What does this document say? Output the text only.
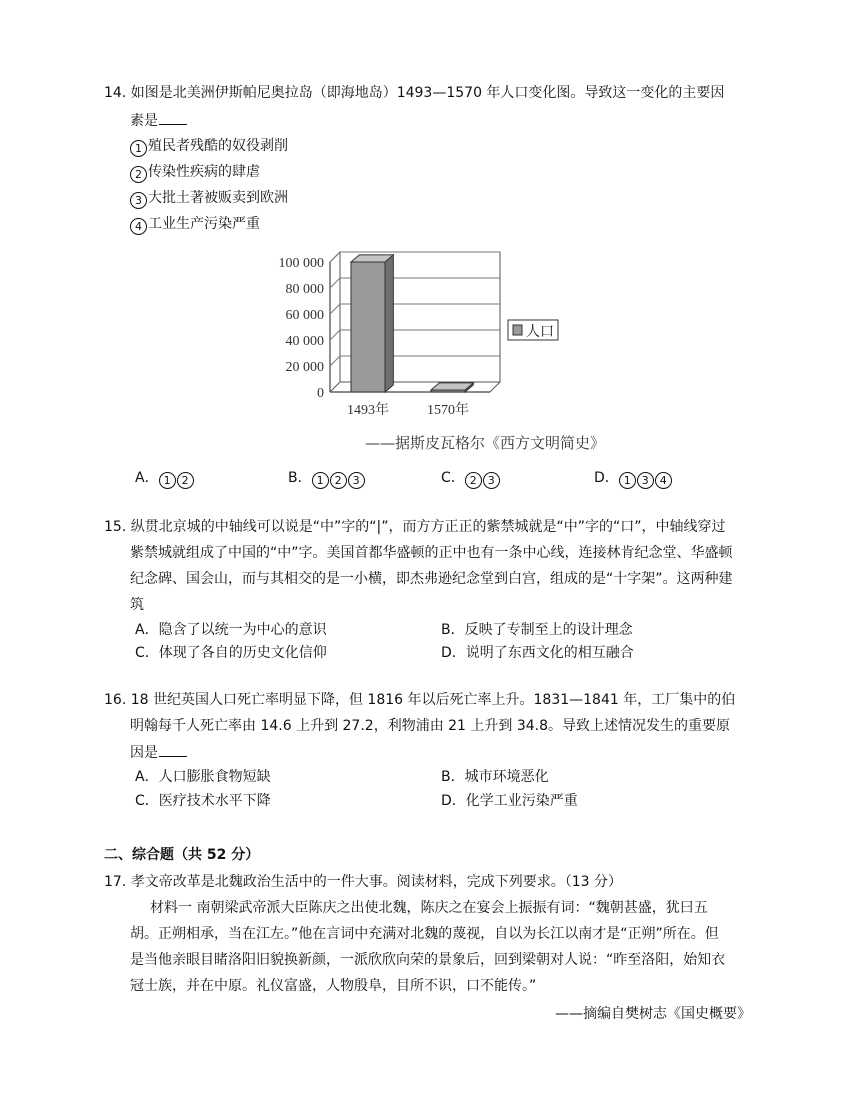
14. 如图是北美洲伊斯帕尼奥拉岛（即海地岛）1493—1570 年人口变化图。导致这一变化的主要因
素是
1 殖民者残酷的奴役剥削
2 传染性疾病的肆虐
3 大批土著被贩卖到欧洲
4 工业生产污染严重
100 000
80 000
60 000
40 000
20 000
0
1493年	1570年
人口
——据斯皮瓦格尔《西方文明简史》
A． 1 2	B． 1 2 3	C． 2 3	D． 1 3 4
15. 纵贯北京城的中轴线可以说是“中”字的“|”，而方方正正的紫禁城就是“中”字的“口”，中轴线穿过
紫禁城就组成了中国的“中”字。美国首都华盛顿的正中也有一条中心线，连接林肯纪念堂、华盛顿
纪念碑、国会山，而与其相交的是一小横，即杰弗逊纪念堂到白宫，组成的是“十字架”。这两种建
筑
A．隐含了以统一为中心的意识	B．反映了专制至上的设计理念
C．体现了各自的历史文化信仰	D．说明了东西文化的相互融合
16. 18 世纪英国人口死亡率明显下降，但 1816 年以后死亡率上升。1831—1841 年，工厂集中的伯
明翰每千人死亡率由 14.6 上升到 27.2，利物浦由 21 上升到 34.8。导致上述情况发生的重要原
因是
A．人口膨胀食物短缺	B．城市环境恶化
C．医疗技术水平下降	D．化学工业污染严重
二、综合题（共 52 分）
17. 孝文帝改革是北魏政治生活中的一件大事。阅读材料，完成下列要求。（13 分）
材料一 南朝梁武帝派大臣陈庆之出使北魏，陈庆之在宴会上振振有词：“魏朝甚盛，犹曰五
胡。正朔相承，当在江左。”他在言词中充满对北魏的蔑视，自以为长江以南才是“正朔”所在。但
是当他亲眼目睹洛阳旧貌换新颜，一派欣欣向荣的景象后，回到梁朝对人说：“昨至洛阳，始知衣
冠士族，并在中原。礼仪富盛，人物殷阜，目所不识，口不能传。”
——摘编自樊树志《国史概要》
